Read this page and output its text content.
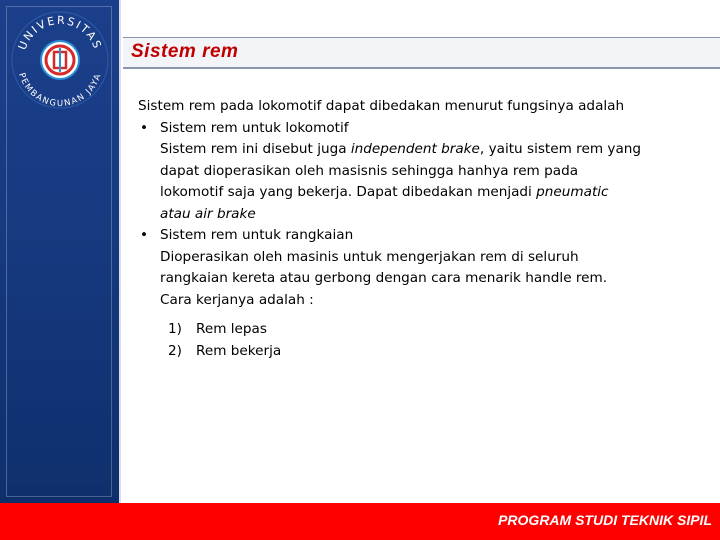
UNIVERSITAS
PEMBANGUNAN JAYA
Sistem rem
Sistem rem pada lokomotif dapat dibedakan menurut fungsinya adalah
• Sistem rem untuk lokomotif
Sistem rem ini disebut juga independent brake, yaitu sistem rem yang
dapat dioperasikan oleh masisnis sehingga hanhya rem pada
lokomotif saja yang bekerja. Dapat dibedakan menjadi pneumatic
atau air brake
• Sistem rem untuk rangkaian
Dioperasikan oleh masinis untuk mengerjakan rem di seluruh
rangkaian kereta atau gerbong dengan cara menarik handle rem.
Cara kerjanya adalah :
1) Rem lepas
2) Rem bekerja
PROGRAM STUDI TEKNIK SIPIL
